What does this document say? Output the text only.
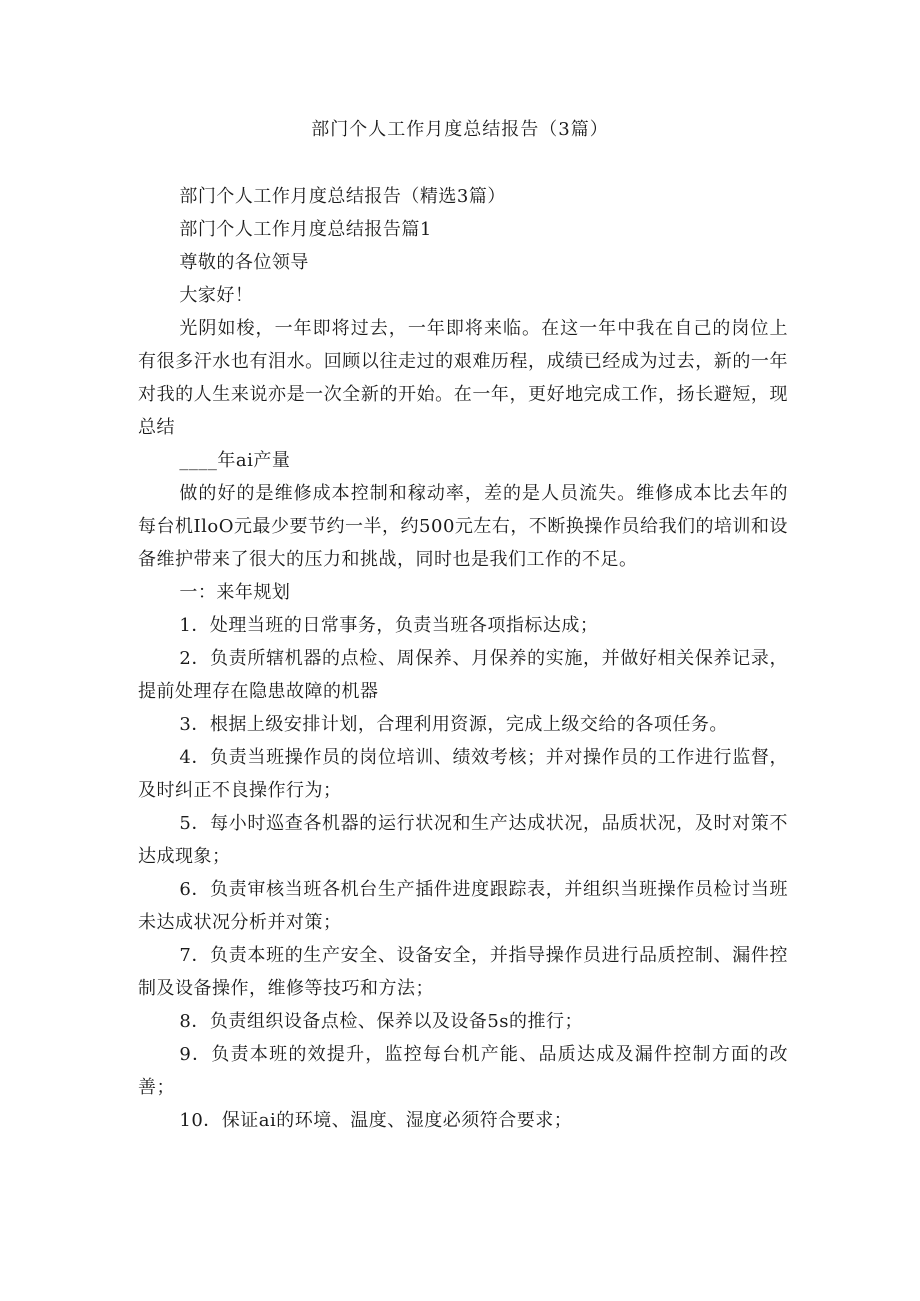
部门个人工作月度总结报告（3篇）

部门个人工作月度总结报告（精选3篇）

部门个人工作月度总结报告篇1

尊敬的各位领导

大家好！

光阴如梭，一年即将过去，一年即将来临。在这一年中我在自己的岗位上有很多汗水也有泪水。回顾以往走过的艰难历程，成绩已经成为过去，新的一年对我的人生来说亦是一次全新的开始。在一年，更好地完成工作，扬长避短，现总结

____年ai产量

做的好的是维修成本控制和稼动率，差的是人员流失。维修成本比去年的每台机IloO元最少要节约一半，约500元左右，不断换操作员给我们的培训和设备维护带来了很大的压力和挑战，同时也是我们工作的不足。

一：来年规划

1．处理当班的日常事务，负责当班各项指标达成；

2．负责所辖机器的点检、周保养、月保养的实施，并做好相关保养记录，提前处理存在隐患故障的机器

3．根据上级安排计划，合理利用资源，完成上级交给的各项任务。

4．负责当班操作员的岗位培训、绩效考核；并对操作员的工作进行监督，及时纠正不良操作行为；

5．每小时巡查各机器的运行状况和生产达成状况，品质状况，及时对策不达成现象；

6．负责审核当班各机台生产插件进度跟踪表，并组织当班操作员检讨当班未达成状况分析并对策；

7．负责本班的生产安全、设备安全，并指导操作员进行品质控制、漏件控制及设备操作，维修等技巧和方法；

8．负责组织设备点检、保养以及设备5s的推行；

9．负责本班的效提升，监控每台机产能、品质达成及漏件控制方面的改善；

10．保证ai的环境、温度、湿度必须符合要求；
